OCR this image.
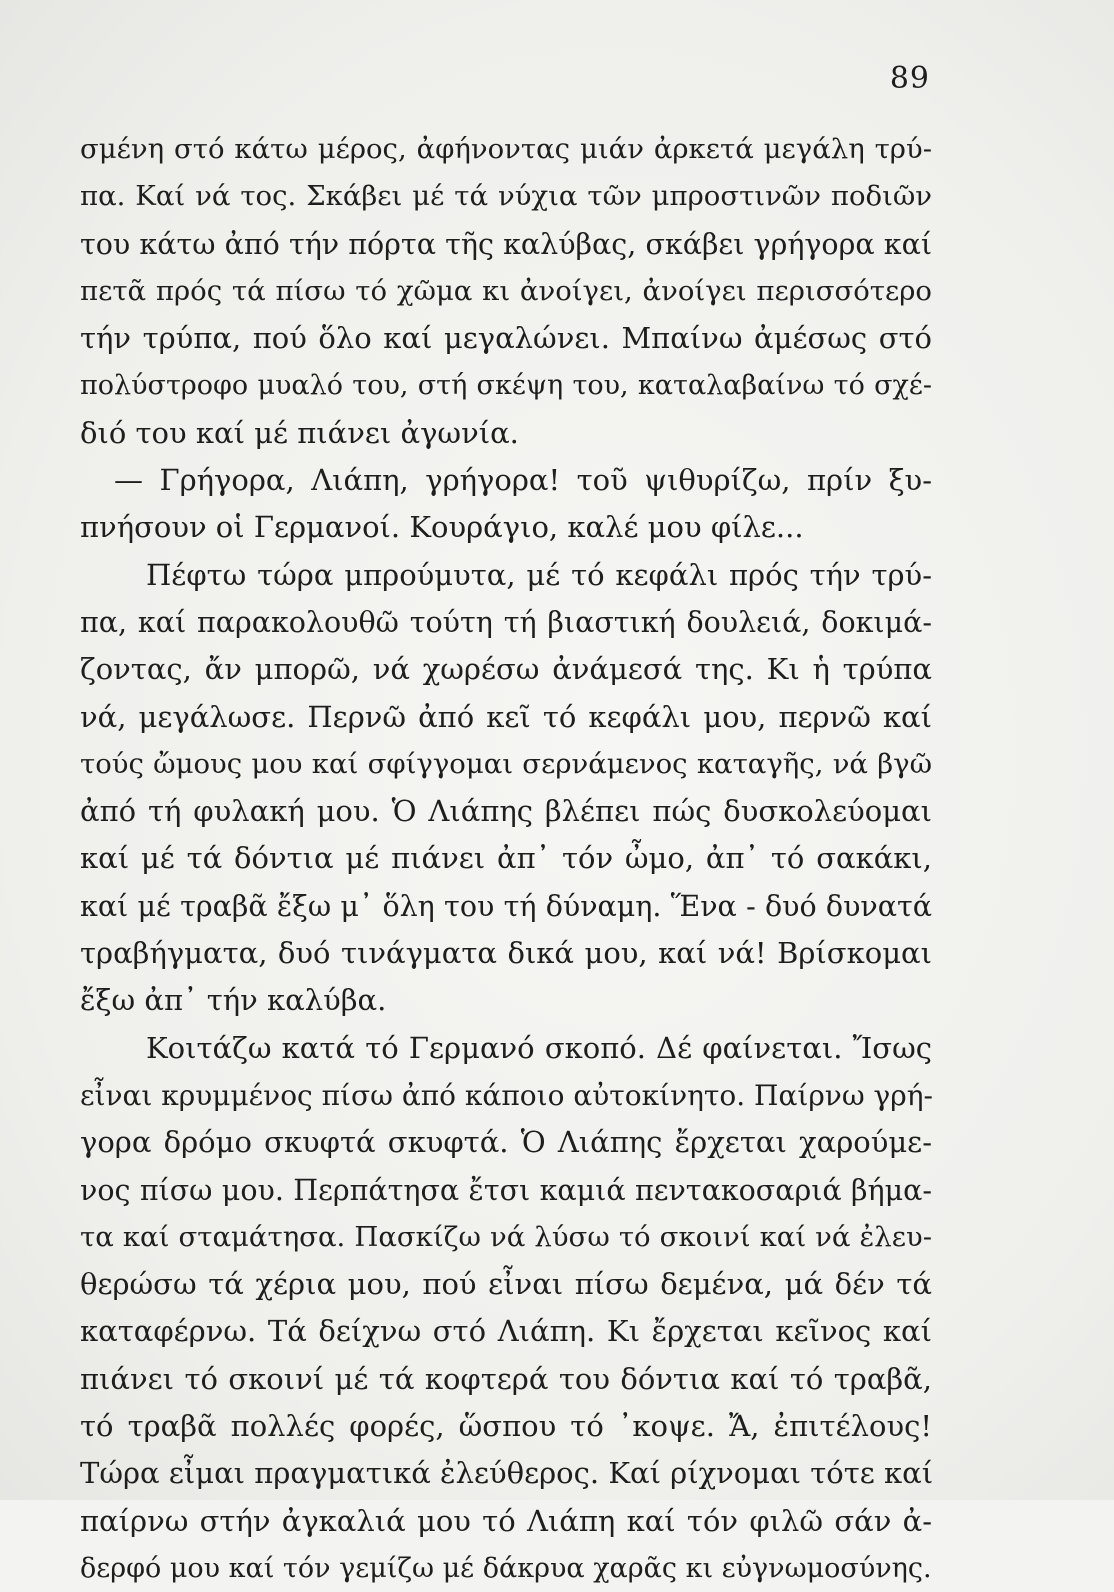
89
σμένη στό κάτω μέρος, ἀφήνοντας μιάν ἀρκετά μεγάλη τρύ-
πα. Καί νά τος. Σκάβει μέ τά νύχια τῶν μπροστινῶν ποδιῶν
του κάτω ἀπό τήν πόρτα τῆς καλύβας, σκάβει γρήγορα καί
πετᾶ πρός τά πίσω τό χῶμα κι ἀνοίγει, ἀνοίγει περισσότερο
τήν τρύπα, πού ὅλο καί μεγαλώνει. Μπαίνω ἀμέσως στό
πολύστροφο μυαλό του, στή σκέψη του, καταλαβαίνω τό σχέ-
διό του καί μέ πιάνει ἀγωνία.
— Γρήγορα, Λιάπη, γρήγορα! τοῦ ψιθυρίζω, πρίν ξυ-
πνήσουν οἱ Γερμανοί. Κουράγιο, καλέ μου φίλε...
Πέφτω τώρα μπρούμυτα, μέ τό κεφάλι πρός τήν τρύ-
πα, καί παρακολουθῶ τούτη τή βιαστική δουλειά, δοκιμά-
ζοντας, ἄν μπορῶ, νά χωρέσω ἀνάμεσά της. Κι ἡ τρύπα
νά, μεγάλωσε. Περνῶ ἀπό κεῖ τό κεφάλι μου, περνῶ καί
τούς ὤμους μου καί σφίγγομαι σερνάμενος καταγῆς, νά βγῶ
ἀπό τή φυλακή μου. Ὁ Λιάπης βλέπει πώς δυσκολεύομαι
καί μέ τά δόντια μέ πιάνει ἀπ᾽ τόν ὦμο, ἀπ᾽ τό σακάκι,
καί μέ τραβᾶ ἔξω μ᾽ ὅλη του τή δύναμη. Ἕνα - δυό δυνατά
τραβήγματα, δυό τινάγματα δικά μου, καί νά! Βρίσκομαι
ἔξω ἀπ᾽ τήν καλύβα.
Κοιτάζω κατά τό Γερμανό σκοπό. Δέ φαίνεται. Ἴσως
εἶναι κρυμμένος πίσω ἀπό κάποιο αὐτοκίνητο. Παίρνω γρή-
γορα δρόμο σκυφτά σκυφτά. Ὁ Λιάπης ἔρχεται χαρούμε-
νος πίσω μου. Περπάτησα ἔτσι καμιά πεντακοσαριά βήμα-
τα καί σταμάτησα. Πασκίζω νά λύσω τό σκοινί καί νά ἐλευ-
θερώσω τά χέρια μου, πού εἶναι πίσω δεμένα, μά δέν τά
καταφέρνω. Τά δείχνω στό Λιάπη. Κι ἔρχεται κεῖνος καί
πιάνει τό σκοινί μέ τά κοφτερά του δόντια καί τό τραβᾶ,
τό τραβᾶ πολλές φορές, ὥσπου τό ᾽κοψε. Ἄ, ἐπιτέλους!
Τώρα εἶμαι πραγματικά ἐλεύθερος. Καί ρίχνομαι τότε καί
παίρνω στήν ἀγκαλιά μου τό Λιάπη καί τόν φιλῶ σάν ἀ-
δερφό μου καί τόν γεμίζω μέ δάκρυα χαρᾶς κι εὐγνωμοσύνης.
